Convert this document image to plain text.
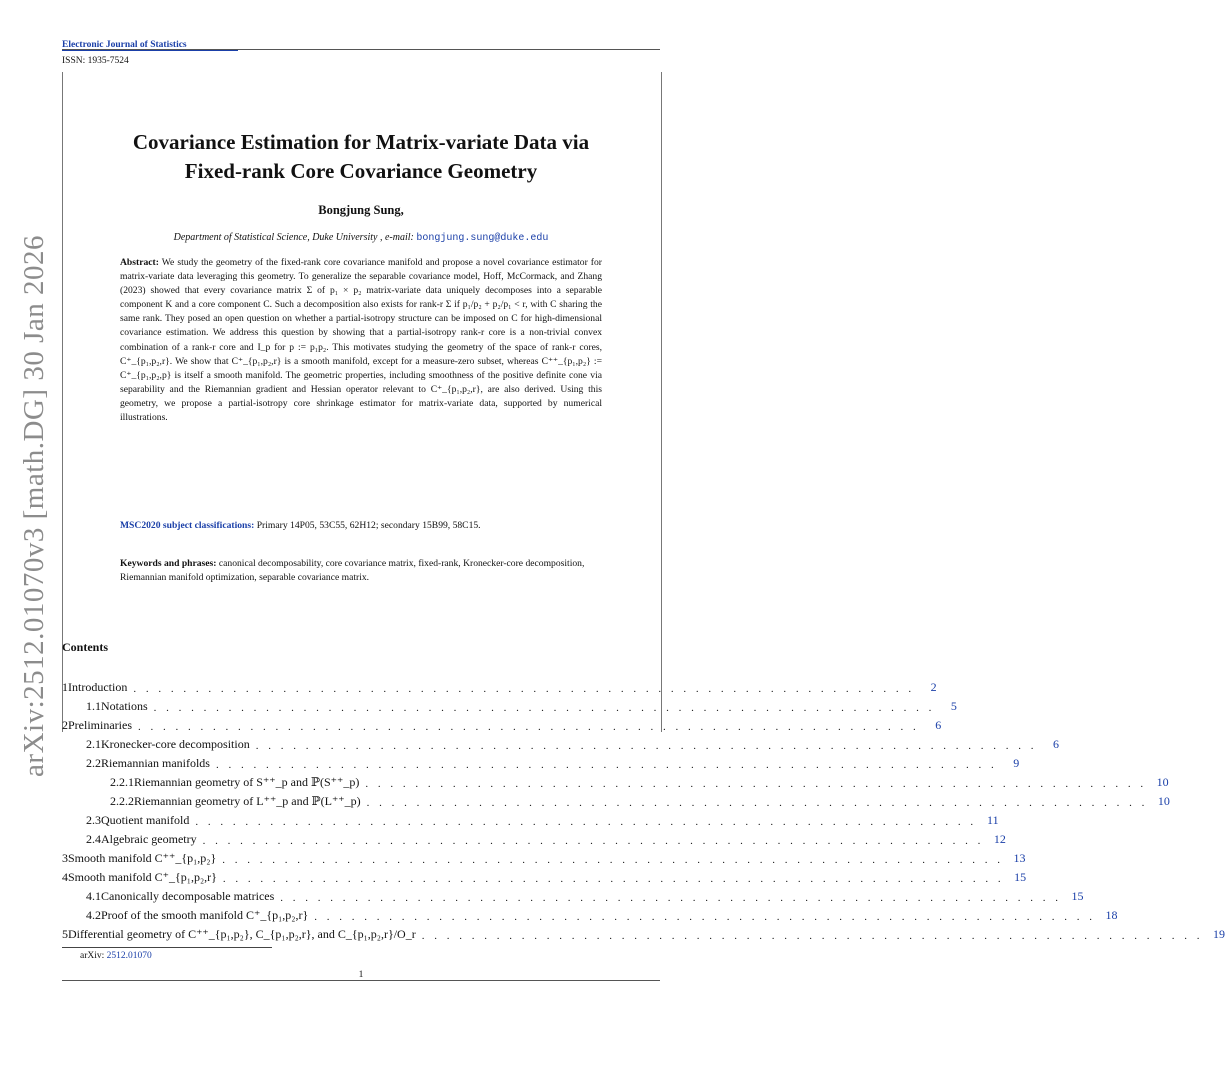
Electronic Journal of Statistics
ISSN: 1935-7524
arXiv:2512.01070v3 [math.DG] 30 Jan 2026
Covariance Estimation for Matrix-variate Data via
Fixed-rank Core Covariance Geometry
Bongjung Sung,
Department of Statistical Science, Duke University , e-mail: bongjung.sung@duke.edu
Abstract: We study the geometry of the fixed-rank core covariance manifold and propose a novel covariance estimator for matrix-variate data leveraging this geometry. To generalize the separable covariance model, Hoff, McCormack, and Zhang (2023) showed that every covariance matrix Σ of p₁ × p₂ matrix-variate data uniquely decomposes into a separable component K and a core component C. Such a decomposition also exists for rank-r Σ if p₁/p₂ + p₂/p₁ < r, with C sharing the same rank. They posed an open question on whether a partial-isotropy structure can be imposed on C for high-dimensional covariance estimation. We address this question by showing that a partial-isotropy rank-r core is a non-trivial convex combination of a rank-r core and I_p for p := p₁p₂. This motivates studying the geometry of the space of rank-r cores, C⁺_{p₁,p₂,r}. We show that C⁺_{p₁,p₂,r} is a smooth manifold, except for a measure-zero subset, whereas C⁺⁺_{p₁,p₂} := C⁺_{p₁,p₂,p} is itself a smooth manifold. The geometric properties, including smoothness of the positive definite cone via separability and the Riemannian gradient and Hessian operator relevant to C⁺_{p₁,p₂,r}, are also derived. Using this geometry, we propose a partial-isotropy core shrinkage estimator for matrix-variate data, supported by numerical illustrations.
MSC2020 subject classifications: Primary 14P05, 53C55, 62H12; secondary 15B99, 58C15.
Keywords and phrases: canonical decomposability, core covariance matrix, fixed-rank, Kronecker-core decomposition, Riemannian manifold optimization, separable covariance matrix.
Contents
1 Introduction . . . . . . . . . . . . . . . . . . . . . . . . . . . . . . . . . . . . . . . . . . . . . . . . . . . . . . . . . . . . . . .	2
1.1 Notations . . . . . . . . . . . . . . . . . . . . . . . . . . . . . . . . . . . . . . . . . . . . . . . . . . . . . . . . . . . . . . .	5
2 Preliminaries . . . . . . . . . . . . . . . . . . . . . . . . . . . . . . . . . . . . . . . . . . . . . . . . . . . . . . . . . . . . . . .	6
2.1 Kronecker-core decomposition . . . . . . . . . . . . . . . . . . . . . . . . . . . . . . . . . . . . . . . . . . . . . . . . . . . . . . . . . . . . . . .	6
2.2 Riemannian manifolds . . . . . . . . . . . . . . . . . . . . . . . . . . . . . . . . . . . . . . . . . . . . . . . . . . . . . . . . . . . . . . .	9
2.2.1 Riemannian geometry of S⁺⁺_p and ℙ(S⁺⁺_p) . . . . . . . . . . . . . . . . . . . . . . . . . . . . . . . . . . . . . . . . . . . . . . . . . . . . . . . . . . . . . . . 10
2.2.2 Riemannian geometry of L⁺⁺_p and ℙ(L⁺⁺_p) . . . . . . . . . . . . . . . . . . . . . . . . . . . . . . . . . . . . . . . . . . . . . . . . . . . . . . . . . . . . . . . 10
2.3 Quotient manifold . . . . . . . . . . . . . . . . . . . . . . . . . . . . . . . . . . . . . . . . . . . . . . . . . . . . . . . . . . . . . . . 11
2.4 Algebraic geometry . . . . . . . . . . . . . . . . . . . . . . . . . . . . . . . . . . . . . . . . . . . . . . . . . . . . . . . . . . . . . . . 12
3 Smooth manifold C⁺⁺_{p₁,p₂} . . . . . . . . . . . . . . . . . . . . . . . . . . . . . . . . . . . . . . . . . . . . . . . . . . . . . . . . . . . . . . . 13
4 Smooth manifold C⁺_{p₁,p₂,r} . . . . . . . . . . . . . . . . . . . . . . . . . . . . . . . . . . . . . . . . . . . . . . . . . . . . . . . . . . . . . . . 15
4.1 Canonically decomposable matrices . . . . . . . . . . . . . . . . . . . . . . . . . . . . . . . . . . . . . . . . . . . . . . . . . . . . . . . . . . . . . . . 15
4.2 Proof of the smooth manifold C⁺_{p₁,p₂,r} . . . . . . . . . . . . . . . . . . . . . . . . . . . . . . . . . . . . . . . . . . . . . . . . . . . . . . . . . . . . . . . 18
5 Differential geometry of C⁺⁺_{p₁,p₂}, C_{p₁,p₂,r}, and C_{p₁,p₂,r}/O_r . . . . . . . . . . . . . . . . . . . . . . . . . . . . . . . . . . . . . . . . . . . . . . . . . . . . . . . . . . . . . . . 19
arXiv: 2512.01070
1
